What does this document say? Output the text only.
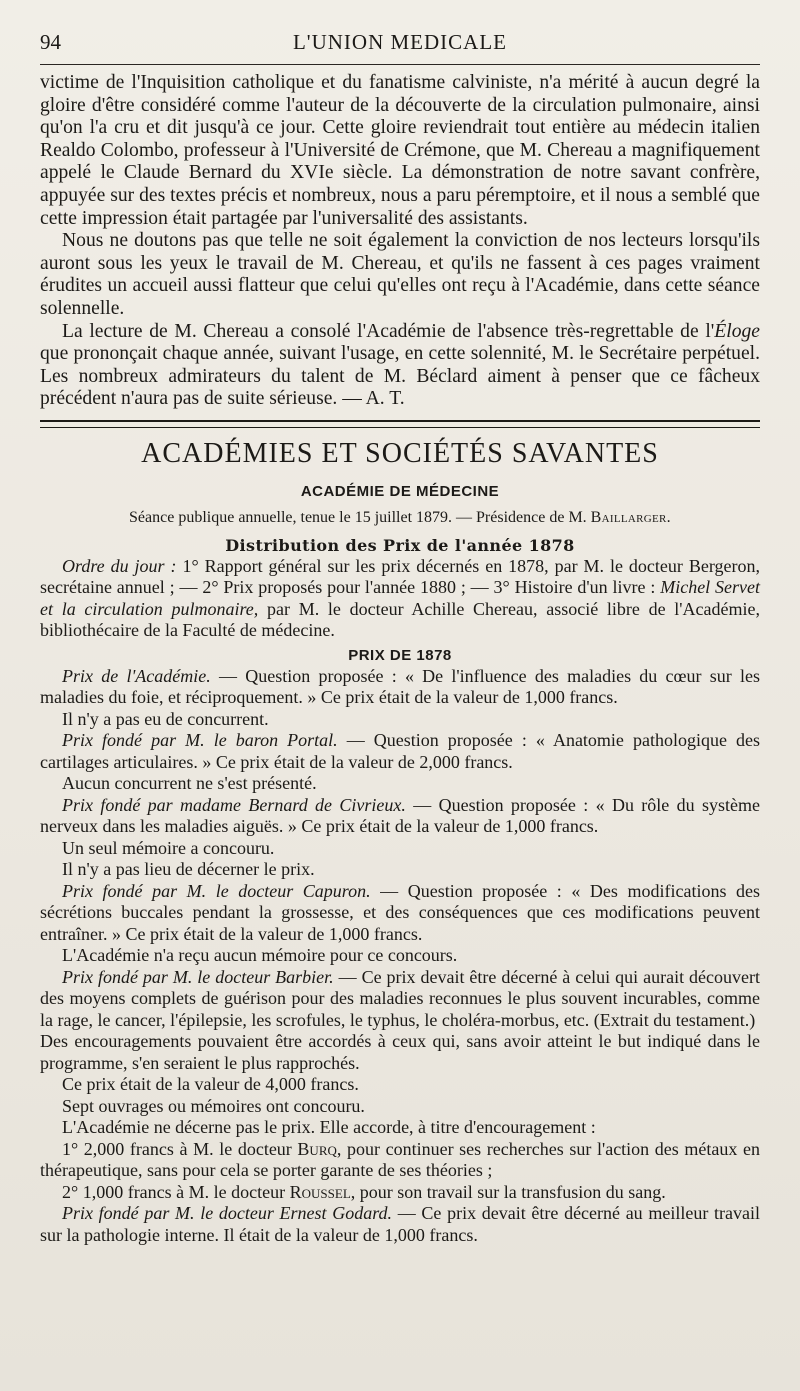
94	L'UNION MEDICALE

victime de l'Inquisition catholique et du fanatisme calviniste, n'a mérité à aucun degré la gloire d'être considéré comme l'auteur de la découverte de la circulation pulmonaire, ainsi qu'on l'a cru et dit jusqu'à ce jour. Cette gloire reviendrait tout entière au médecin italien Realdo Colombo, professeur à l'Université de Crémone, que M. Chereau a magnifiquement appelé le Claude Bernard du XVIe siècle. La démonstration de notre savant confrère, appuyée sur des textes précis et nombreux, nous a paru péremptoire, et il nous a semblé que cette impression était partagée par l'universalité des assistants.

Nous ne doutons pas que telle ne soit également la conviction de nos lecteurs lorsqu'ils auront sous les yeux le travail de M. Chereau, et qu'ils ne fassent à ces pages vraiment érudites un accueil aussi flatteur que celui qu'elles ont reçu à l'Académie, dans cette séance solennelle.

La lecture de M. Chereau a consolé l'Académie de l'absence très-regrettable de l'Éloge que prononçait chaque année, suivant l'usage, en cette solennité, M. le Secrétaire perpétuel. Les nombreux admirateurs du talent de M. Béclard aiment à penser que ce fâcheux précédent n'aura pas de suite sérieuse. — A. T.

ACADÉMIES ET SOCIÉTÉS SAVANTES
ACADÉMIE DE MÉDECINE
Séance publique annuelle, tenue le 15 juillet 1879. — Présidence de M. Baillarger.
Distribution des Prix de l'année 1878

Ordre du jour : 1° Rapport général sur les prix décernés en 1878, par M. le docteur Bergeron, secrétaine annuel ; — 2° Prix proposés pour l'année 1880 ; — 3° Histoire d'un livre : Michel Servet et la circulation pulmonaire, par M. le docteur Achille Chereau, associé libre de l'Académie, bibliothécaire de la Faculté de médecine.

PRIX DE 1878

Prix de l'Académie. — Question proposée : « De l'influence des maladies du cœur sur les maladies du foie, et réciproquement. » Ce prix était de la valeur de 1,000 francs.

Il n'y a pas eu de concurrent.

Prix fondé par M. le baron Portal. — Question proposée : « Anatomie pathologique des cartilages articulaires. » Ce prix était de la valeur de 2,000 francs.

Aucun concurrent ne s'est présenté.

Prix fondé par madame Bernard de Civrieux. — Question proposée : « Du rôle du système nerveux dans les maladies aiguës. » Ce prix était de la valeur de 1,000 francs.

Un seul mémoire a concouru.

Il n'y a pas lieu de décerner le prix.

Prix fondé par M. le docteur Capuron. — Question proposée : « Des modifications des sécrétions buccales pendant la grossesse, et des conséquences que ces modifications peuvent entraîner. » Ce prix était de la valeur de 1,000 francs.

L'Académie n'a reçu aucun mémoire pour ce concours.

Prix fondé par M. le docteur Barbier. — Ce prix devait être décerné à celui qui aurait découvert des moyens complets de guérison pour des maladies reconnues le plus souvent incurables, comme la rage, le cancer, l'épilepsie, les scrofules, le typhus, le choléra-morbus, etc. (Extrait du testament.)

Des encouragements pouvaient être accordés à ceux qui, sans avoir atteint le but indiqué dans le programme, s'en seraient le plus rapprochés.

Ce prix était de la valeur de 4,000 francs.

Sept ouvrages ou mémoires ont concouru.

L'Académie ne décerne pas le prix. Elle accorde, à titre d'encouragement :

1° 2,000 francs à M. le docteur Burq, pour continuer ses recherches sur l'action des métaux en thérapeutique, sans pour cela se porter garante de ses théories ;

2° 1,000 francs à M. le docteur Roussel, pour son travail sur la transfusion du sang.

Prix fondé par M. le docteur Ernest Godard. — Ce prix devait être décerné au meilleur travail sur la pathologie interne. Il était de la valeur de 1,000 francs.
